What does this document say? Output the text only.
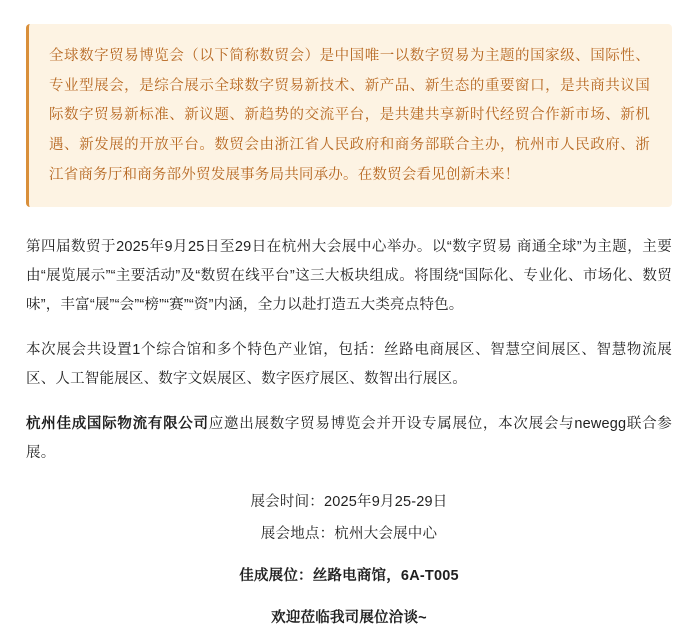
全球数字贸易博览会（以下简称数贸会）是中国唯一以数字贸易为主题的国家级、国际性、专业型展会，是综合展示全球数字贸易新技术、新产品、新生态的重要窗口，是共商共议国际数字贸易新标准、新议题、新趋势的交流平台，是共建共享新时代经贸合作新市场、新机遇、新发展的开放平台。数贸会由浙江省人民政府和商务部联合主办，杭州市人民政府、浙江省商务厅和商务部外贸发展事务局共同承办。在数贸会看见创新未来！

第四届数贸于2025年9月25日至29日在杭州大会展中心举办。以“数字贸易 商通全球”为主题，主要由“展览展示”“主要活动”及“数贸在线平台”这三大板块组成。将围绕“国际化、专业化、市场化、数贸味”，丰富“展”“会”“榜”“赛”“资”内涵，全力以赴打造五大类亮点特色。

本次展会共设置1个综合馆和多个特色产业馆，包括：丝路电商展区、智慧空间展区、智慧物流展区、人工智能展区、数字文娱展区、数字医疗展区、数智出行展区。

杭州佳成国际物流有限公司应邀出展数字贸易博览会并开设专属展位，本次展会与newegg联合参展。

展会时间：2025年9月25-29日

展会地点：杭州大会展中心

佳成展位：丝路电商馆，6A-T005

欢迎莅临我司展位洽谈~
